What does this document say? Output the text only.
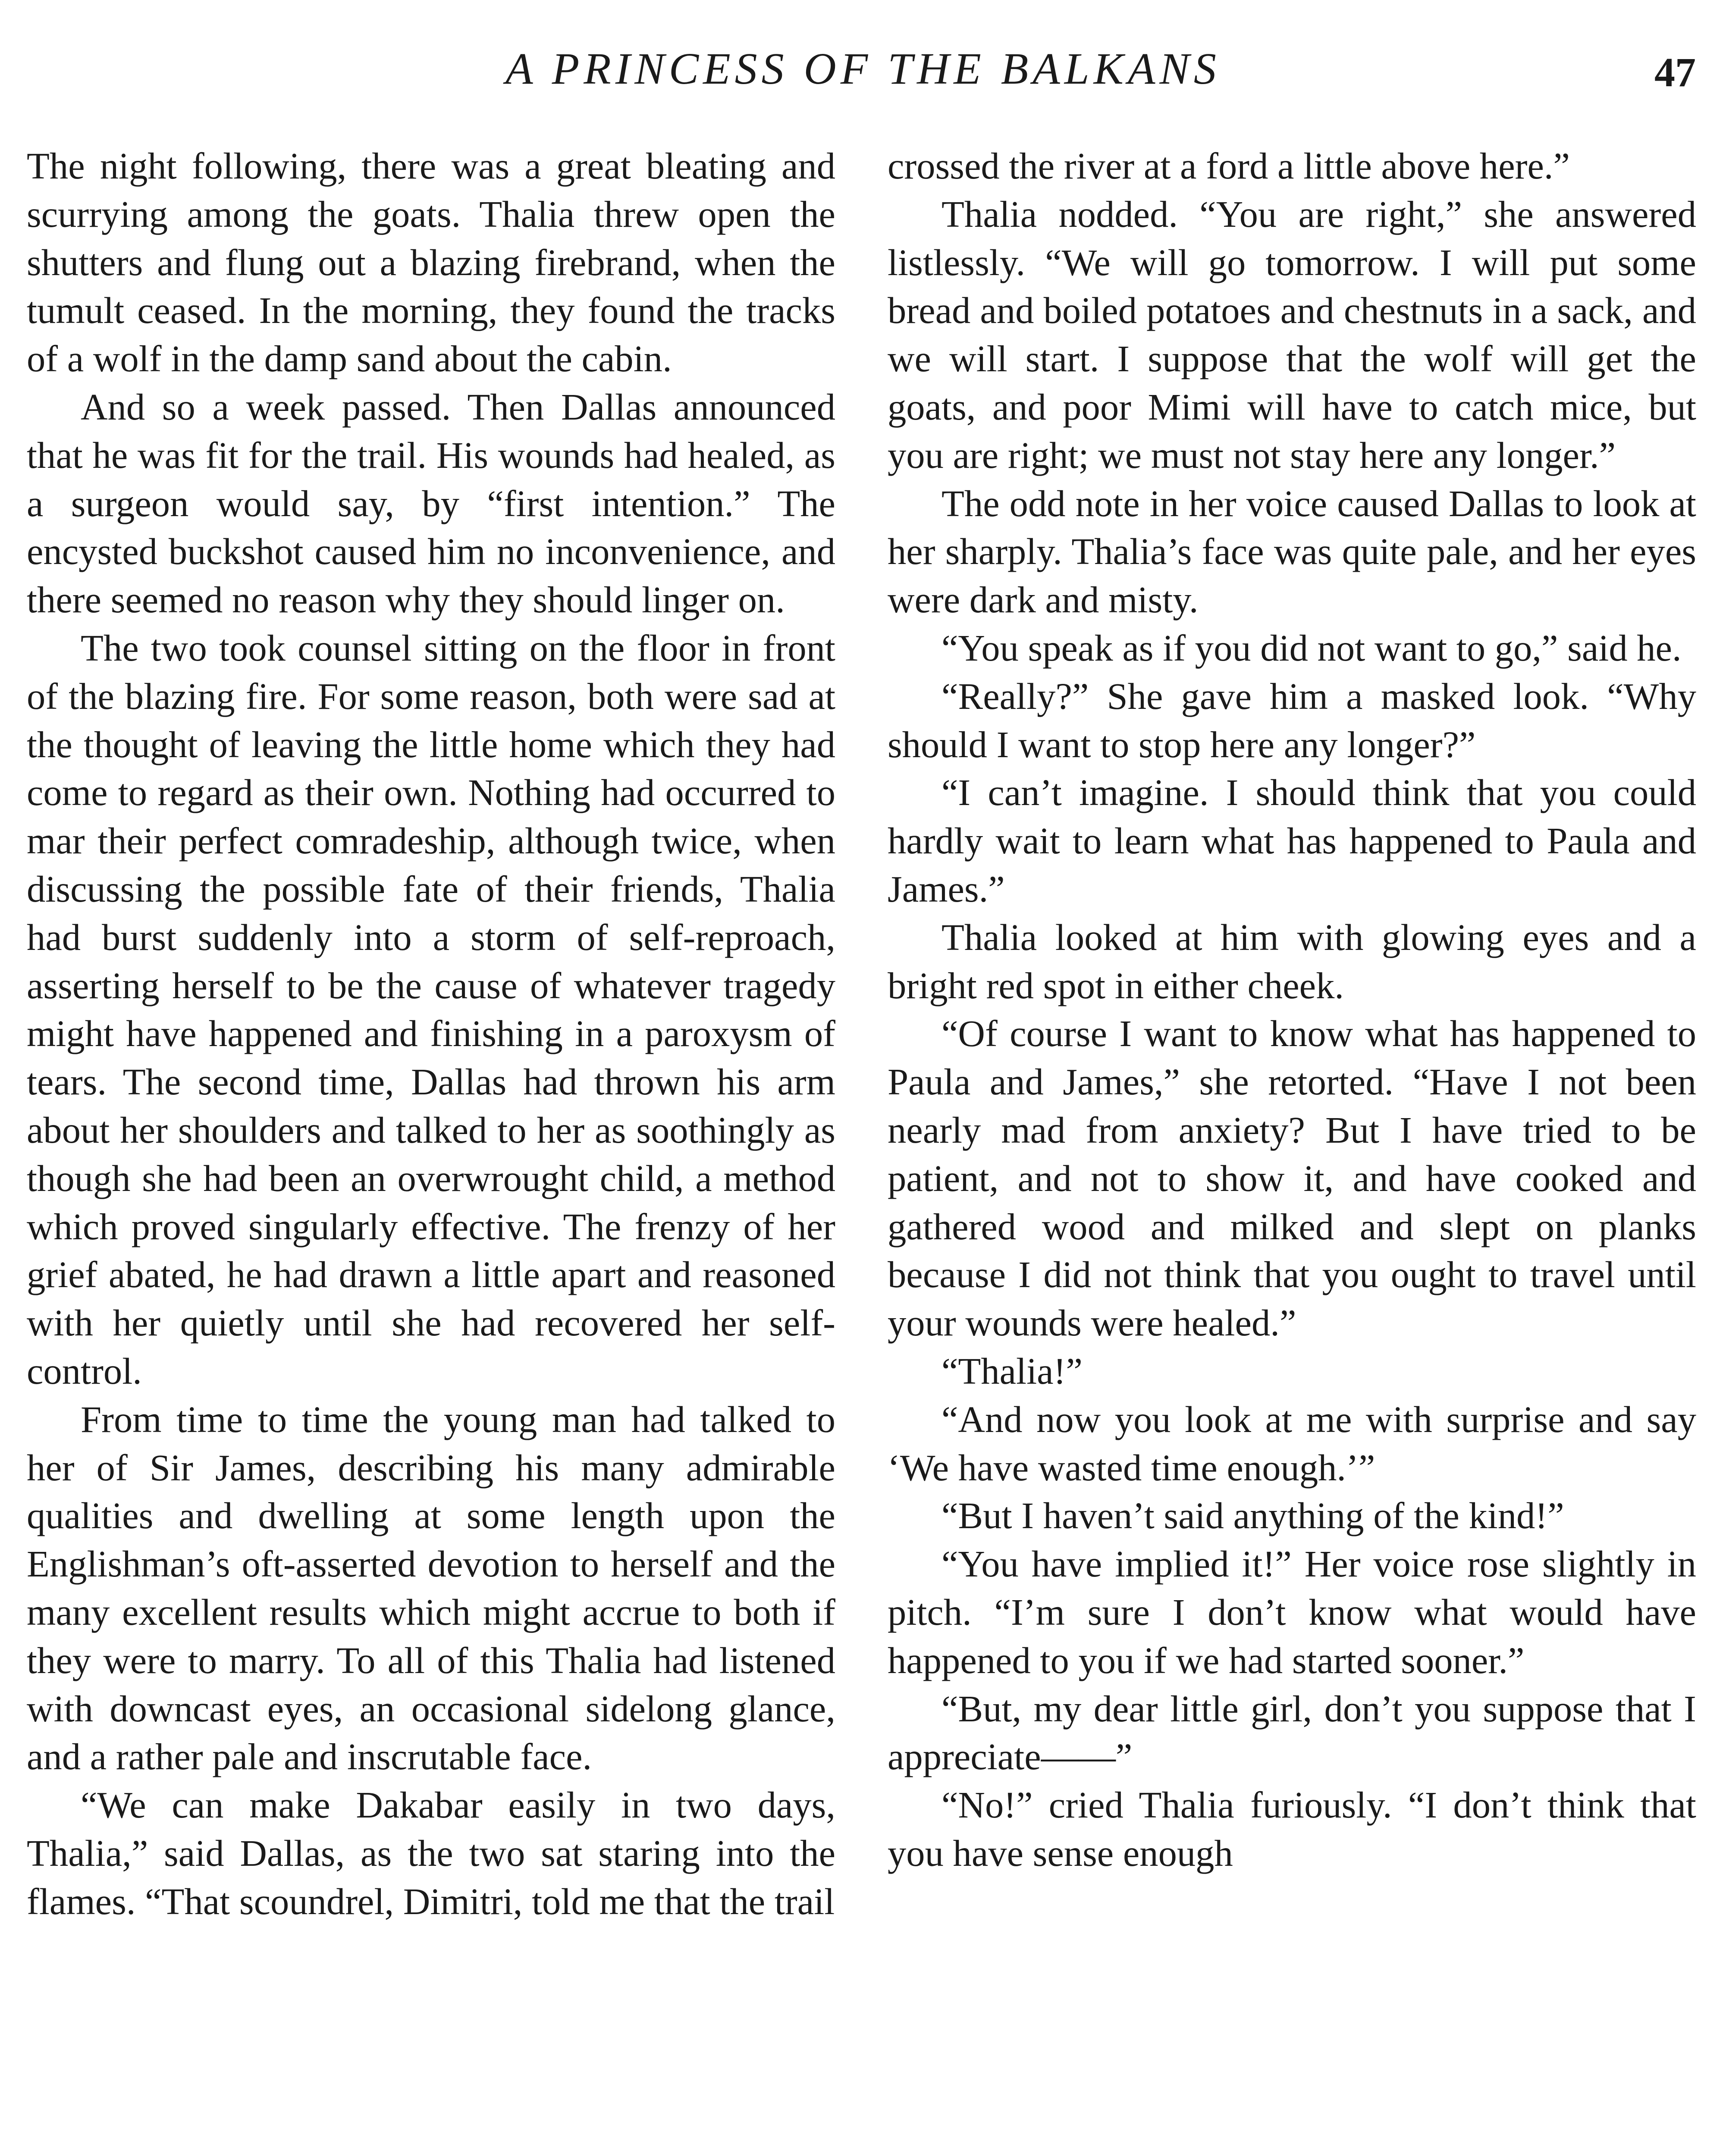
A PRINCESS OF THE BALKANS	47

The night following, there was a great bleating and scurrying among the goats. Thalia threw open the shutters and flung out a blazing firebrand, when the tumult ceased. In the morning, they found the tracks of a wolf in the damp sand about the cabin.

And so a week passed. Then Dallas announced that he was fit for the trail. His wounds had healed, as a surgeon would say, by “first intention.” The encysted buckshot caused him no inconvenience, and there seemed no reason why they should linger on.

The two took counsel sitting on the floor in front of the blazing fire. For some reason, both were sad at the thought of leaving the little home which they had come to regard as their own. Nothing had occurred to mar their perfect comradeship, although twice, when discussing the possible fate of their friends, Thalia had burst suddenly into a storm of self-reproach, asserting herself to be the cause of whatever tragedy might have happened and finishing in a paroxysm of tears. The second time, Dallas had thrown his arm about her shoulders and talked to her as soothingly as though she had been an overwrought child, a method which proved singularly effective. The frenzy of her grief abated, he had drawn a little apart and reasoned with her quietly until she had recovered her self-control.

From time to time the young man had talked to her of Sir James, describing his many admirable qualities and dwelling at some length upon the Englishman’s oft-asserted devotion to herself and the many excellent results which might accrue to both if they were to marry. To all of this Thalia had listened with downcast eyes, an occasional sidelong glance, and a rather pale and inscrutable face.

“We can make Dakabar easily in two days, Thalia,” said Dallas, as the two sat staring into the flames. “That scoundrel, Dimitri, told me that the trail

crossed the river at a ford a little above here.”

Thalia nodded. “You are right,” she answered listlessly. “We will go tomorrow. I will put some bread and boiled potatoes and chestnuts in a sack, and we will start. I suppose that the wolf will get the goats, and poor Mimi will have to catch mice, but you are right; we must not stay here any longer.”

The odd note in her voice caused Dallas to look at her sharply. Thalia’s face was quite pale, and her eyes were dark and misty.

“You speak as if you did not want to go,” said he.

“Really?” She gave him a masked look. “Why should I want to stop here any longer?”

“I can’t imagine. I should think that you could hardly wait to learn what has happened to Paula and James.”

Thalia looked at him with glowing eyes and a bright red spot in either cheek.

“Of course I want to know what has happened to Paula and James,” she retorted. “Have I not been nearly mad from anxiety? But I have tried to be patient, and not to show it, and have cooked and gathered wood and milked and slept on planks because I did not think that you ought to travel until your wounds were healed.”

“Thalia!”

“And now you look at me with surprise and say ‘We have wasted time enough.’”

“But I haven’t said anything of the kind!”

“You have implied it!” Her voice rose slightly in pitch. “I’m sure I don’t know what would have happened to you if we had started sooner.”

“But, my dear little girl, don’t you suppose that I appreciate——”

“No!” cried Thalia furiously. “I don’t think that you have sense enough
